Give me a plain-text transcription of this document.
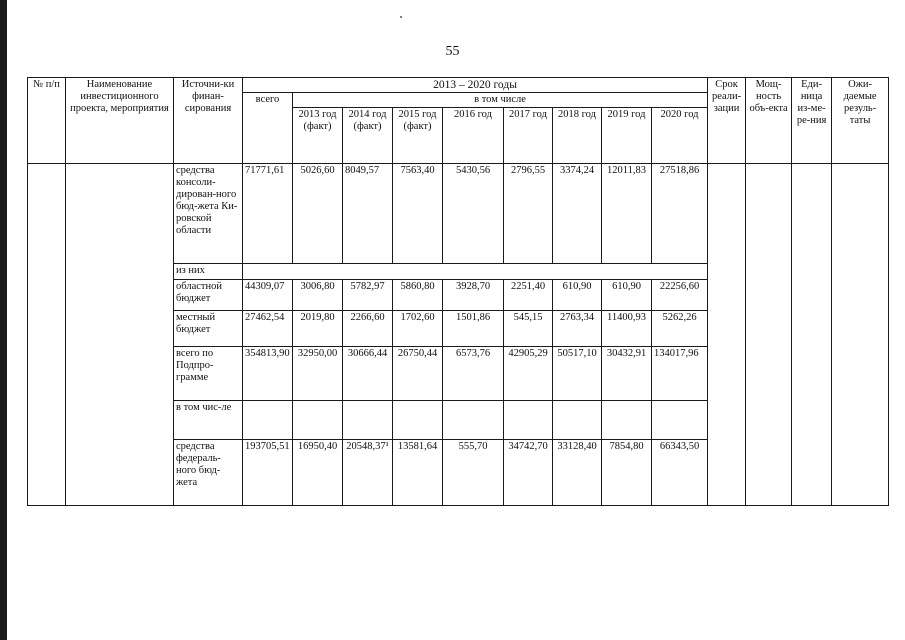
55
№ п/п	Наименование инвестиционного проекта, мероприятия	Источни-ки финан-сирования	2013 – 2020 годы									Срок реали-зации	Мощ-ность объ-екта	Еди-ница из-ме-ре-ния	Ожи-даемые резуль-таты
			всего	в том числе											
				2013 год (факт)	2014 год (факт)	2015 год (факт)	2016 год	2017 год	2018 год	2019 год	2020 год				
		средства консоли-дирован-ного бюд-жета Ки-ровской области	71771,61	5026,60	8049,57	7563,40	5430,56	2796,55	3374,24	12011,83	27518,86				
		из них													
		областной бюджет	44309,07	3006,80	5782,97	5860,80	3928,70	2251,40	610,90	610,90	22256,60				
		местный бюджет	27462,54	2019,80	2266,60	1702,60	1501,86	545,15	2763,34	11400,93	5262,26				
		всего по Подпро-грамме	354813,90	32950,00	30666,44	26750,44	6573,76	42905,29	50517,10	30432,91	134017,96				
		в том чис-ле													
		средства федераль-ного бюд-жета	193705,51	16950,40	20548,37¹	13581,64	555,70	34742,70	33128,40	7854,80	66343,50				
